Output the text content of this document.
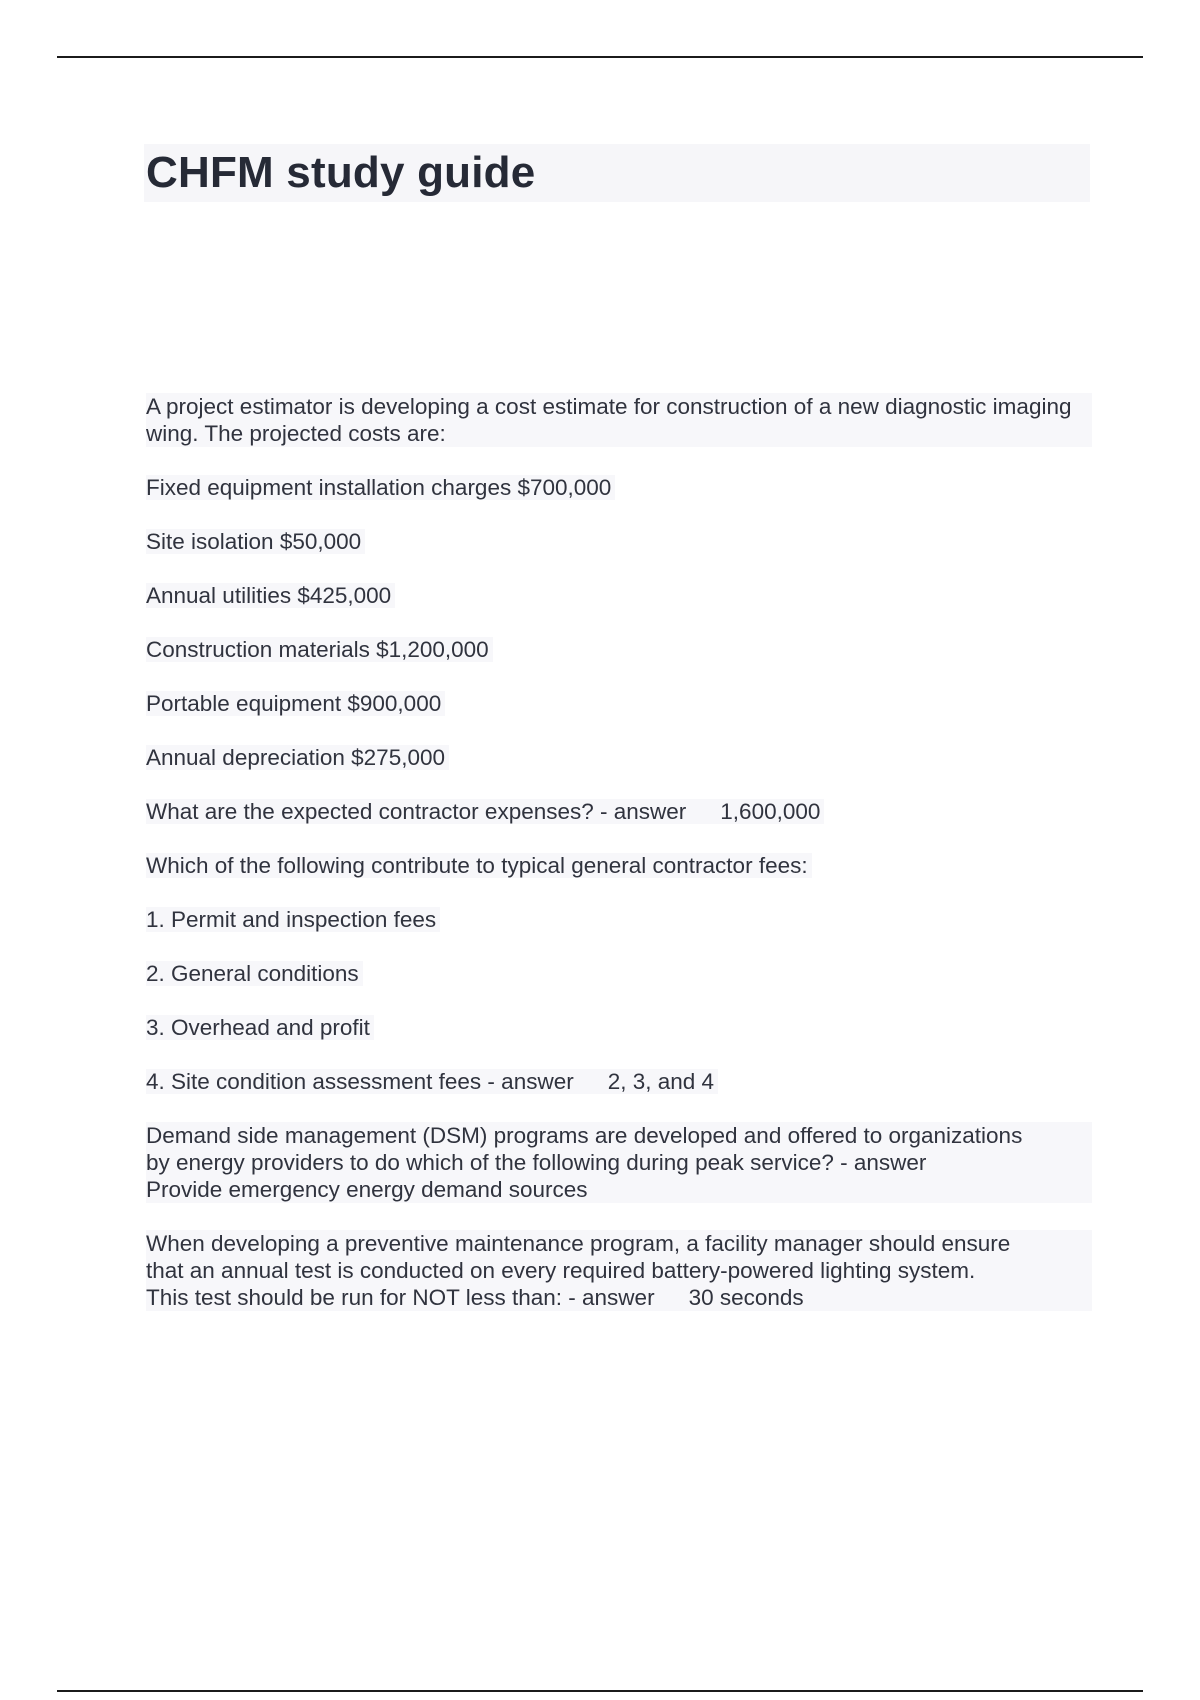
CHFM study guide
A project estimator is developing a cost estimate for construction of a new diagnostic imaging wing. The projected costs are:
Fixed equipment installation charges $700,000
Site isolation $50,000
Annual utilities $425,000
Construction materials $1,200,000
Portable equipment $900,000
Annual depreciation $275,000
What are the expected contractor expenses? - answer 1,600,000
Which of the following contribute to typical general contractor fees:
1. Permit and inspection fees
2. General conditions
3. Overhead and profit
4. Site condition assessment fees - answer 2, 3, and 4
Demand side management (DSM) programs are developed and offered to organizations
by energy providers to do which of the following during peak service? - answer
Provide emergency energy demand sources
When developing a preventive maintenance program, a facility manager should ensure
that an annual test is conducted on every required battery-powered lighting system.
This test should be run for NOT less than: - answer 30 seconds
